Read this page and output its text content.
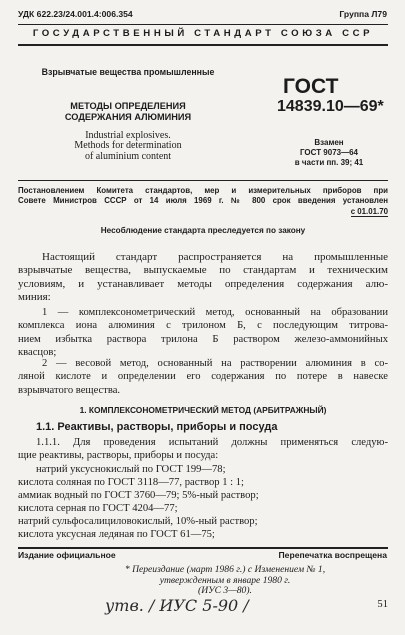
УДК 622.23/24.001.4:006.354	Группа Л79
ГОСУДАРСТВЕННЫЙ СТАНДАРТ СОЮЗА ССР
Взрывчатые вещества промышленные
МЕТОДЫ ОПРЕДЕЛЕНИЯ
СОДЕРЖАНИЯ АЛЮМИНИЯ
Industrial explosives.
Methods for determination
of aluminium content
ГОСТ
14839.10—69*
Взамен
ГОСТ 9073—64
в части пп. 39; 41
Постановлением Комитета стандартов, мер и измерительных приборов при
Совете Министров СССР от 14 июля 1969 г. № 800 срок введения установлен
с 01.01.70
Несоблюдение стандарта преследуется по закону
Настоящий стандарт распространяется на промышленные
взрывчатые вещества, выпускаемые по стандартам и техническим
условиям, и устанавливает методы определения содержания алю-
миния:
1 — комплексонометрический метод, основанный на образовании
комплекса иона алюминия с трилоном Б, с последующим титрова-
нием избытка раствора трилона Б раствором железо-аммонийных
квасцов;
2 — весовой метод, основанный на растворении алюминия в со-
ляной кислоте и определении его содержания по потере в навеске
взрывчатого вещества.
1. КОМПЛЕКСОНОМЕТРИЧЕСКИЙ МЕТОД (АРБИТРАЖНЫЙ)
1.1. Реактивы, растворы, приборы и посуда
1.1.1. Для проведения испытаний должны применяться следую-
щие реактивы, растворы, приборы и посуда:
натрий уксуснокислый по ГОСТ 199—78;
кислота соляная по ГОСТ 3118—77, раствор 1 : 1;
аммиак водный по ГОСТ 3760—79; 5%-ный раствор;
кислота серная по ГОСТ 4204—77;
натрий сульфосалициловокислый, 10%-ный раствор;
кислота уксусная ледяная по ГОСТ 61—75;
Издание официальное	Перепечатка воспрещена
* Переиздание (март 1986 г.) с Изменением № 1,
утвержденным в январе 1980 г.
(ИУС 3—80).
утв. / ИУС 5-90 /	51
